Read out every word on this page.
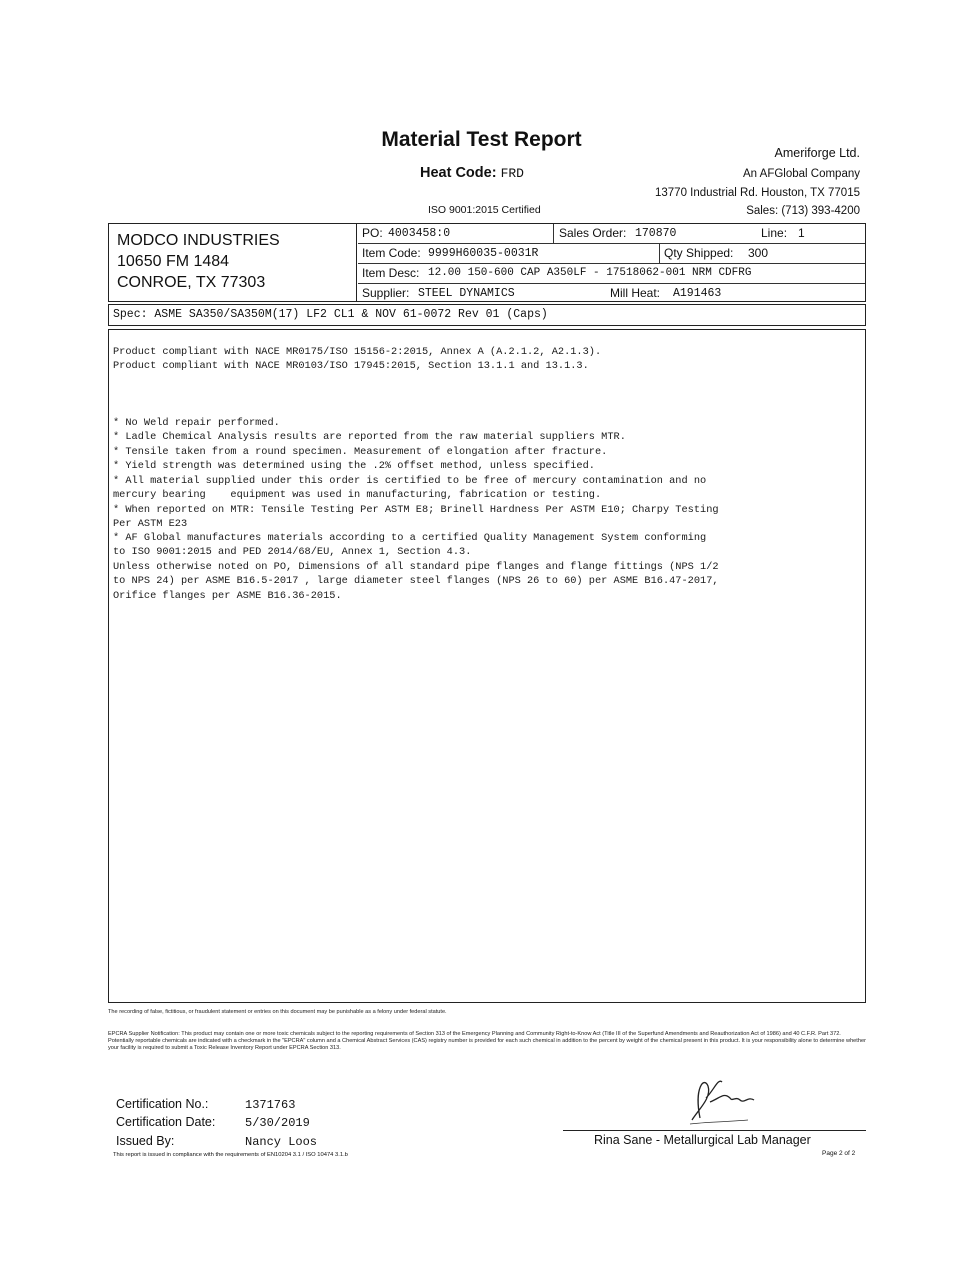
Material Test Report
Heat Code: FRD
ISO 9001:2015 Certified
Ameriforge Ltd.
An AFGlobal Company
13770 Industrial Rd. Houston, TX 77015
Sales: (713) 393-4200
MODCO INDUSTRIES
10650 FM 1484
CONROE, TX 77303
PO: 4003458:0	Sales Order: 170870	Line: 1
Item Code: 9999H60035-0031R	Qty Shipped: 300
Item Desc: 12.00 150-600 CAP A350LF - 17518062-001 NRM CDFRG
Supplier: STEEL DYNAMICS	Mill Heat: A191463
Spec: ASME SA350/SA350M(17) LF2 CL1 & NOV 61-0072 Rev 01 (Caps)
Product compliant with NACE MR0175/ISO 15156-2:2015, Annex A (A.2.1.2, A2.1.3).
Product compliant with NACE MR0103/ISO 17945:2015, Section 13.1.1 and 13.1.3.
* No Weld repair performed.
* Ladle Chemical Analysis results are reported from the raw material suppliers MTR.
* Tensile taken from a round specimen. Measurement of elongation after fracture.
* Yield strength was determined using the .2% offset method, unless specified.
* All material supplied under this order is certified to be free of mercury contamination and no
mercury bearing    equipment was used in manufacturing, fabrication or testing.
* When reported on MTR: Tensile Testing Per ASTM E8; Brinell Hardness Per ASTM E10; Charpy Testing
Per ASTM E23
* AF Global manufactures materials according to a certified Quality Management System conforming
to ISO 9001:2015 and PED 2014/68/EU, Annex 1, Section 4.3.
Unless otherwise noted on PO, Dimensions of all standard pipe flanges and flange fittings (NPS 1/2
to NPS 24) per ASME B16.5-2017 , large diameter steel flanges (NPS 26 to 60) per ASME B16.47-2017,
Orifice flanges per ASME B16.36-2015.
The recording of false, fictitious, or fraudulent statement or entries on this document may be punishable as a felony under federal statute.
EPCRA Supplier Notification: This product may contain one or more toxic chemicals subject to the reporting requirements of Section 313 of the Emergency Planning and Community Right-to-Know Act (Title III of the Superfund Amendments and Reauthorization Act of 1986) and 40 C.F.R. Part 372. Potentially reportable chemicals are indicated with a checkmark in the "EPCRA" column and a Chemical Abstract Services (CAS) registry number is provided for each such chemical in addition to the percent by weight of the chemical present in this product. It is your responsibility alone to determine whether your facility is required to submit a Toxic Release Inventory Report under EPCRA Section 313.
Certification No.:	1371763
Certification Date: 5/30/2019
Issued By:	Nancy Loos	Rina Sane - Metallurgical Lab Manager
This report is issued in compliance with the requirements of EN10204 3.1 / ISO 10474 3.1.b	Page 2 of 2
